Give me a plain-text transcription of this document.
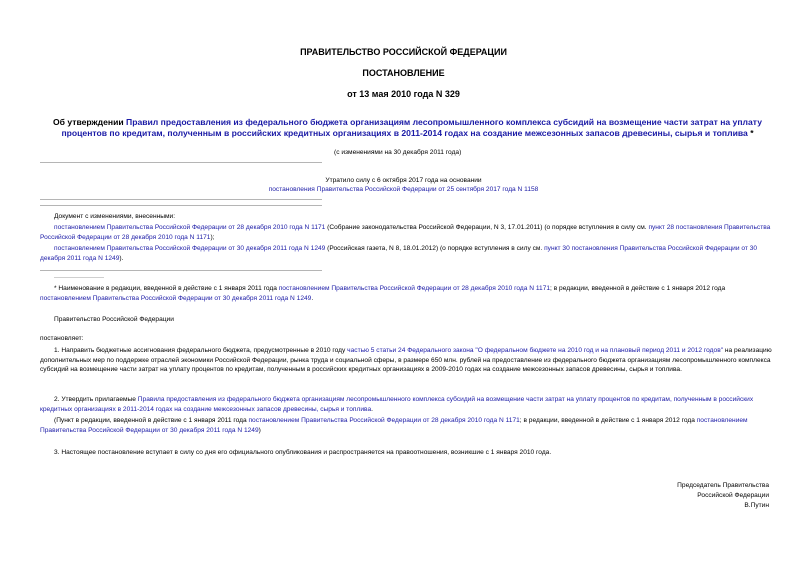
ПРАВИТЕЛЬСТВО РОССИЙСКОЙ ФЕДЕРАЦИИ
ПОСТАНОВЛЕНИЕ
от 13 мая 2010 года N 329
Об утверждении Правил предоставления из федерального бюджета организациям лесопромышленного комплекса субсидий на возмещение части затрат на уплату процентов по кредитам, полученным в российских кредитных организациях в 2011-2014 годах на создание межсезонных запасов древесины, сырья и топлива *
(с изменениями на 30 декабря 2011 года)
Утратило силу с 6 октября 2017 года на основании
постановления Правительства Российской Федерации от 25 сентября 2017 года N 1158
Документ с изменениями, внесенными:
постановлением Правительства Российской Федерации от 28 декабря 2010 года N 1171 (Собрание законодательства Российской Федерации, N 3, 17.01.2011) (о порядке вступления в силу см. пункт 28 постановления Правительства Российской Федерации от 28 декабря 2010 года N 1171);
постановлением Правительства Российской Федерации от 30 декабря 2011 года N 1249 (Российская газета, N 8, 18.01.2012) (о порядке вступления в силу см. пункт 30 постановления Правительства Российской Федерации от 30 декабря 2011 года N 1249).
* Наименование в редакции, введенной в действие с 1 января 2011 года постановлением Правительства Российской Федерации от 28 декабря 2010 года N 1171; в редакции, введенной в действие с 1 января 2012 года постановлением Правительства Российской Федерации от 30 декабря 2011 года N 1249.
Правительство Российской Федерации
постановляет:
1. Направить бюджетные ассигнования федерального бюджета, предусмотренные в 2010 году частью 5 статьи 24 Федерального закона "О федеральном бюджете на 2010 год и на плановый период 2011 и 2012 годов" на реализацию дополнительных мер по поддержке отраслей экономики Российской Федерации, рынка труда и социальной сферы, в размере 650 млн. рублей на предоставление из федерального бюджета организациям лесопромышленного комплекса субсидий на возмещение части затрат на уплату процентов по кредитам, полученным в российских кредитных организациях в 2009-2010 годах на создание межсезонных запасов древесины, сырья и топлива.
2. Утвердить прилагаемые Правила предоставления из федерального бюджета организациям лесопромышленного комплекса субсидий на возмещение части затрат на уплату процентов по кредитам, полученным в российских кредитных организациях в 2011-2014 годах на создание межсезонных запасов древесины, сырья и топлива.
(Пункт в редакции, введенной в действие с 1 января 2011 года постановлением Правительства Российской Федерации от 28 декабря 2010 года N 1171; в редакции, введенной в действие с 1 января 2012 года постановлением Правительства Российской Федерации от 30 декабря 2011 года N 1249)
3. Настоящее постановление вступает в силу со дня его официального опубликования и распространяется на правоотношения, возникшие с 1 января 2010 года.
Председатель Правительства
Российской Федерации
В.Путин
